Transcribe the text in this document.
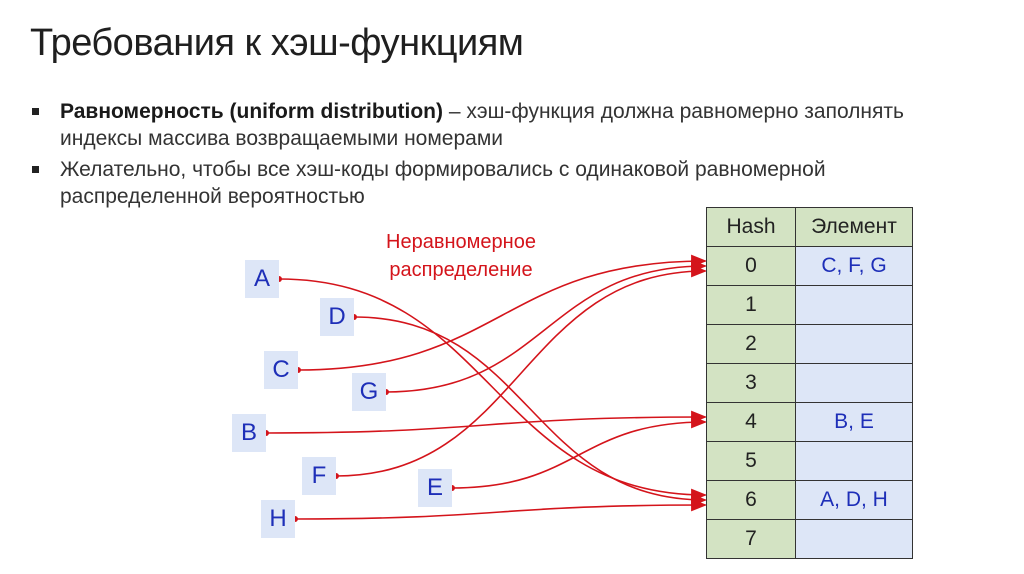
Требования к хэш-функциям
Равномерность (uniform distribution) – хэш-функция должна равномерно заполнять индексы массива возвращаемыми номерами
Желательно, чтобы все хэш-коды формировались с одинаковой равномерной распределенной вероятностью
Неравномерное распределение
A
D
C
G
B
F	E
H
Hash	Элемент
0	C, F, G
1	
2	
3	
4	B, E
5	
6	A, D, H
7	
